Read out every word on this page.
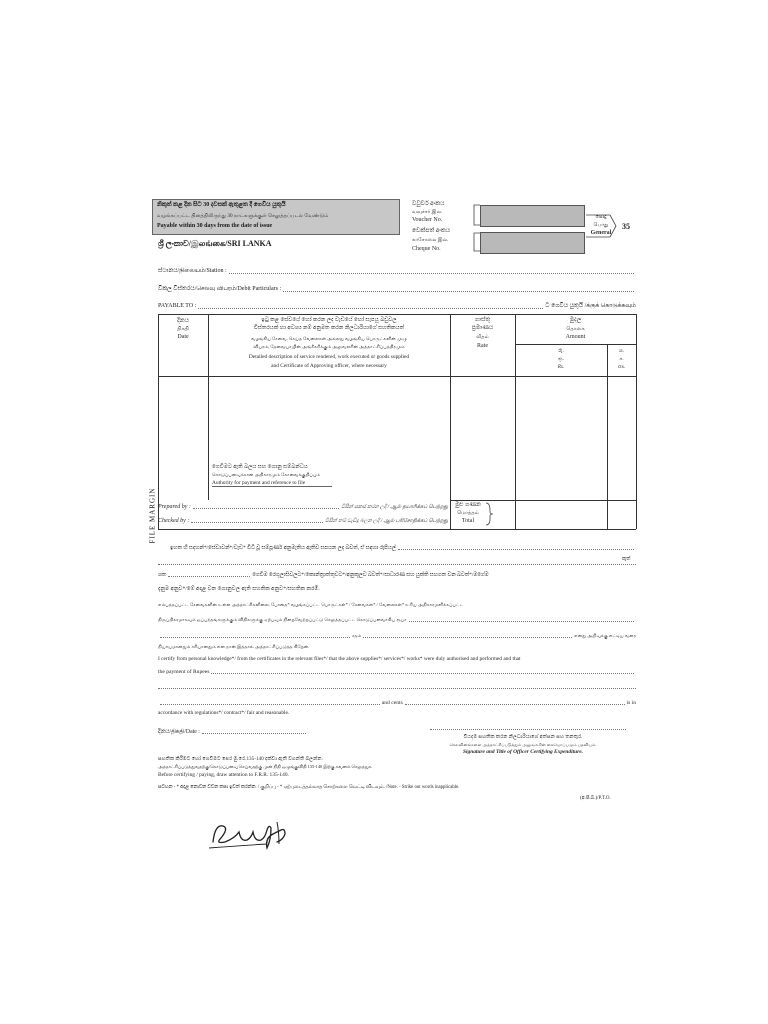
නිකුත් කළ දින සිට 30 දවසක් ඇතුළත දී ගෙවිය යුතුයි
வழங்கப்பட்ட தினத்திலிருந்து 30 நாட்களுக்குள் செலுத்தப்படல் வேண்டும்
Payable within 30 days from the date of issue
ශ්‍රී ලංකාව/இலங்கை/SRI LANKA
වවුචර් අංකය
வவுச்சர் இல.
Voucher No.
චෙක්පත් අංකය
காசோலை இல.
Cheque No.
පොදු
பொது
General
35
ස්ථානය/நிலையம்/Station :
විකල විස්තරය/செலவு விபரம்/Debit Particulars :
PAYABLE TO :	ට ගෙවිය යුතුයි /க்குக் கொடுக்கவும்
දිනය
திகதி
Date
ඉටු කළ සේවයේ හෝ කරන ලද වැඩයේ හෝ සැපයූ බඩුවල
විස්තරයක් හා අවශ්‍ය නම් අනුමත කරන නිලධාරියාගේ සහතිකයත්
வழங்கிய சேவை, செய்த வேலைகள் அல்லது வழங்கிய பொருட்களின் முழு
விபரம், தேவையாயின் அங்கீகரிக்கும் அலுவலரின் அத்தாட்சிப்பத்திரமும்
Detailed description of service rendered, work executed or goods supplied
and Certificate of Approving officer, where necessary
ගාස්තු
ප්‍රමාණය
வீதம்
Rate
මුදල
தொகை
Amount
රු.
ரூ.
Rs.
ශ.
ச.
cts.
ගෙවීමට ඇති බලය සහ ගොනු සම්බන්ධය
கொடுப்பனவுக்கான அதிகாரமும் கோவைக்குறிப்பும்
Authority for payment and reference to file
මුළු ගණන
மொத்தம்
Total
Prepared by :	විසින් සකස් කරන ලදී / ஆல் தயாரிக்கப் பெற்றது
Checked by :	විසින් නම් වැඩිදු බලන ලදී / ஆல் பரிசோதிக்கப் பெற்றது
FILE MARGIN
ඉහත හි සදහන්*/සේවාවන්*/වැඩ* විධි වූ සම්පූර්ණ අනුමැතිය ඇතිව සපයන ලද බවත්, ඒ සඳහා රුපියල්
කුත්
ශත	ගෙවීම රෙගුලාසිවලට*/කොන්ත්‍රාත්තුවට*/අනුකූලව බවත්*/සාධාරණ සහ යුක්ති සහගත වන බවත්*/මගේම
දැනුම අනුව*/මේ අදාළ වන ගොනුවල ඇති සහතික අනුව*/සහතික කරමි.
எம்பத்தப்பட்ட சேவைகளின் உள்ள அத்தாட்சிகளிலை, போதை* வழங்கப்பட்ட பொருட்கள்* / சேவைகள்* / வேலைகள்* உரிய அதிகாரமளிக்கப்பட்ட
திருப்திகரமாகவும் ஒப்பந்தங்களுக்கும் விதிகளுக்கு ஏற்பவும் நிறைவேற்றப்பட்டு செலுத்தப்பட்ட கொடுப்பனவாகிய ரூபா
சதம்	எனது அறிவுக்கு எட்டிய வரை
நியாயமானதும் சரியானதும் என நான் இத்தால் அத்தாட்சிப்படுத்த கிறேன்.
I certify from personal knowledge*/ from the certificates in the relevant files*/ that the above supplies*/ services*/ works* were duly authorised and performed and that
the payment of Rupees
and cents	is in
accordance with regulations*/ contract*/ fair and reasonable.
දිනය/திகதி/Date :
වියදම සහතික කරන නිලධාරියාගේ අත්සන සහ තනතුර.
செலவினங்களை அத்தாட்சிப்படுத்தும் அலுவலரின் கையொப்பமும் பதவியும்.
Signature and Title of Officer Certifying Expenditure.
සහතික කිරීමට හෝ ගෙවීමට පෙර මු.රෙ.135-140 දක්වා ඇති වගන්ති බලන්න.
அத்தாட்சிப்படுத்துவதற்கு/கொடுப்பனவு செய்வதற்கு முன் நிதி ஒழுங்குவிதி 135-140 இற்கு கவனம் செலுத்துக.
Before certifying / paying, draw attention to F.R.R. 135-140.
සටහන - * අදාළ නොවන වචන කපා ඉවත් කරන්න. / குறிப்பு - * ஏற்புடைத்தல்லாத சொற்களை வெட்டி விடவும். /Note. - Strike out words inapplicable.
(අ.පි.බ.)/P.T.O.
